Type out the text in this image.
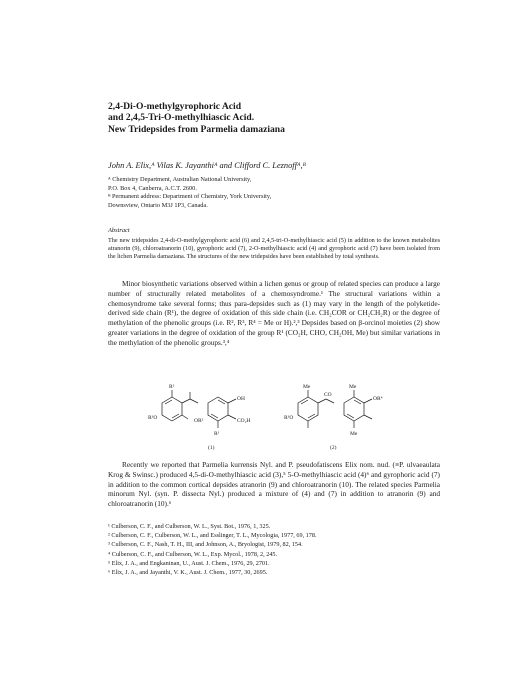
2,4-Di-O-methylgyrophoric Acid
and 2,4,5-Tri-O-methylhiascic Acid.
New Tridepsides from Parmelia damaziana
John A. Elix,ᴬ Vilas K. Jayanthiᴬ and Clifford C. Leznoffᴬ,ᴮ
ᴬ Chemistry Department, Australian National University,
P.O. Box 4, Canberra, A.C.T. 2600.
ᴮ Permanent address: Department of Chemistry, York University,
Downsview, Ontario M3J 1P3, Canada.
Abstract
The new tridepsides 2,4-di-O-methylgyrophoric acid (6) and 2,4,5-tri-O-methylhiascic acid (5) in addition to the known metabolites atranorin (9), chloroatranorin (10), gyrophoric acid (7), 2-O-methylhiascic acid (4) and gyrophoric acid (7) have been isolated from the lichen Parmelia damaziana. The structures of the new tridepsides have been established by total synthesis.
Minor biosynthetic variations observed within a lichen genus or group of related species can produce a large number of structurally related metabolites of a chemosyndrome.¹ The structural variations within a chemosyndrome take several forms; thus para-depsides such as (1) may vary in the length of the polyketide-derived side chain (R¹), the degree of oxidation of this side chain (i.e. CH₂COR or CH₂CH₂R) or the degree of methylation of the phenolic groups (i.e. R², R³, R⁴ = Me or H).²,³ Depsides based on β-orcinol moieties (2) show greater variations in the degree of oxidation of the group R¹ (CO₂H, CHO, CH₂OH, Me) but similar variations in the methylation of the phenolic groups.³,⁴
R¹
OR²
OH
CO₂H
R¹
R³O
(1)
Me	Me
OR⁴
CO
Me
R³O
(2)
Recently we reported that Parmelia kurrensis Nyl. and P. pseudofatiscens Elix nom. nud. (≡P. ulvaeaulata Krog & Swinsc.) produced 4,5-di-O-methylhiascic acid (3),⁵ 5-O-methylhiascic acid (4)⁶ and gyrophoric acid (7) in addition to the common cortical depsides atranorin (9) and chloroatranorin (10). The related species Parmelia minorum Nyl. (syn. P. dissecta Nyl.) produced a mixture of (4) and (7) in addition to atranorin (9) and chloroatranorin (10).⁶
¹ Culberson, C. F., and Culberson, W. L., Syst. Bot., 1976, 1, 325.
² Culberson, C. F., Culberson, W. L., and Esslinger, T. L., Mycologia, 1977, 69, 178.
³ Culberson, C. F., Nash, T. H., III, and Johnson, A., Bryologist, 1979, 82, 154.
⁴ Culberson, C. F., and Culberson, W. L., Exp. Mycol., 1978, 2, 245.
⁵ Elix, J. A., and Engkaninan, U., Aust. J. Chem., 1976, 29, 2701.
⁶ Elix, J. A., and Jayanthi, V. K., Aust. J. Chem., 1977, 30, 2695.
